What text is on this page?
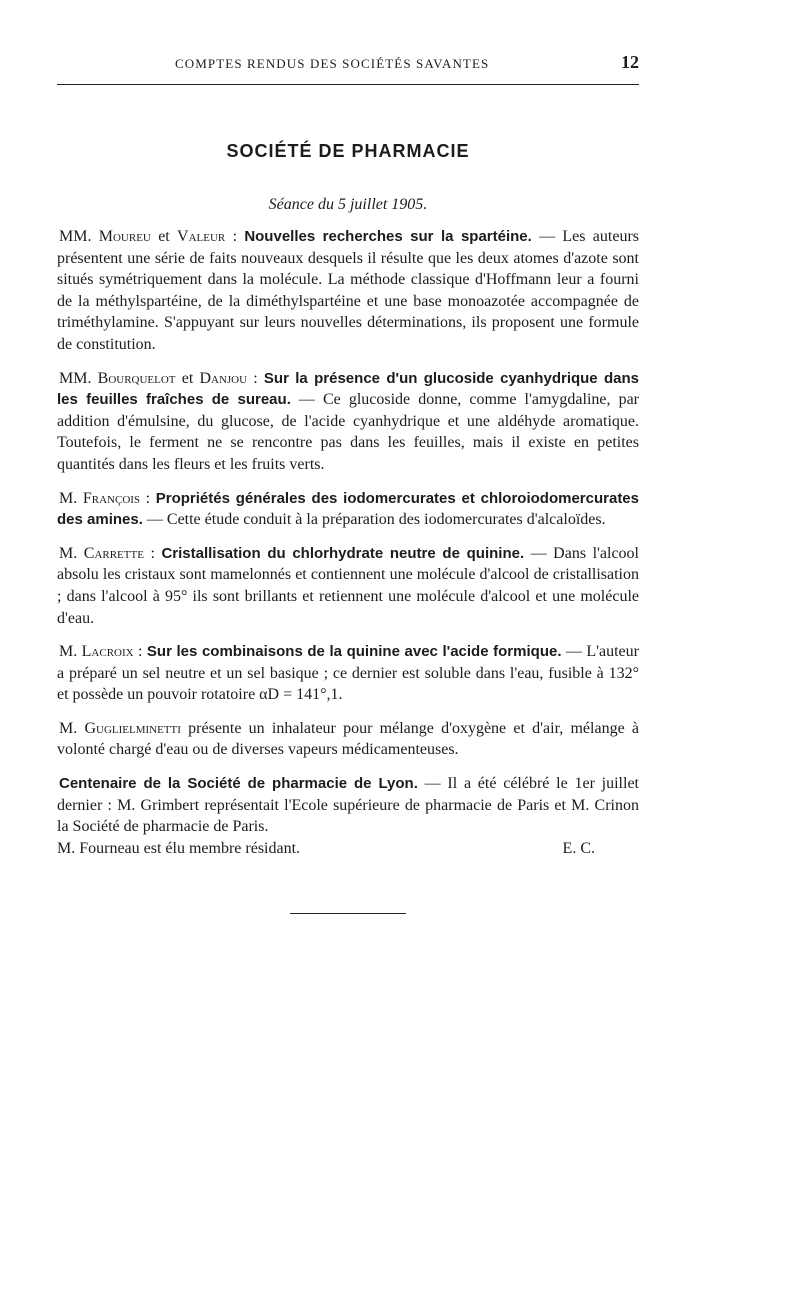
COMPTES RENDUS DES SOCIÉTÉS SAVANTES	12
SOCIÉTÉ DE PHARMACIE
Séance du 5 juillet 1905.

MM. Moureu et Valeur : Nouvelles recherches sur la spartéine. — Les auteurs présentent une série de faits nouveaux desquels il résulte que les deux atomes d'azote sont situés symétriquement dans la molécule. La méthode classique d'Hoffmann leur a fourni de la méthylspartéine, de la diméthylspartéine et une base monoazotée accompagnée de triméthylamine. S'appuyant sur leurs nouvelles déterminations, ils proposent une formule de constitution.

MM. Bourquelot et Danjou : Sur la présence d'un glucoside cyanhydrique dans les feuilles fraîches de sureau. — Ce glucoside donne, comme l'amygdaline, par addition d'émulsine, du glucose, de l'acide cyanhydrique et une aldéhyde aromatique. Toutefois, le ferment ne se rencontre pas dans les feuilles, mais il existe en petites quantités dans les fleurs et les fruits verts.

M. François : Propriétés générales des iodomercurates et chloroiodomercurates des amines. — Cette étude conduit à la préparation des iodomercurates d'alcaloïdes.

M. Carrette : Cristallisation du chlorhydrate neutre de quinine. — Dans l'alcool absolu les cristaux sont mamelonnés et contiennent une molécule d'alcool de cristallisation ; dans l'alcool à 95° ils sont brillants et retiennent une molécule d'alcool et une molécule d'eau.

M. Lacroix : Sur les combinaisons de la quinine avec l'acide formique. — L'auteur a préparé un sel neutre et un sel basique ; ce dernier est soluble dans l'eau, fusible à 132° et possède un pouvoir rotatoire αD = 141°,1.

M. Guglielminetti présente un inhalateur pour mélange d'oxygène et d'air, mélange à volonté chargé d'eau ou de diverses vapeurs médicamenteuses.

Centenaire de la Société de pharmacie de Lyon. — Il a été célébré le 1er juillet dernier : M. Grimbert représentait l'Ecole supérieure de pharmacie de Paris et M. Crinon la Société de pharmacie de Paris.

M. Fourneau est élu membre résidant.	E. C.
